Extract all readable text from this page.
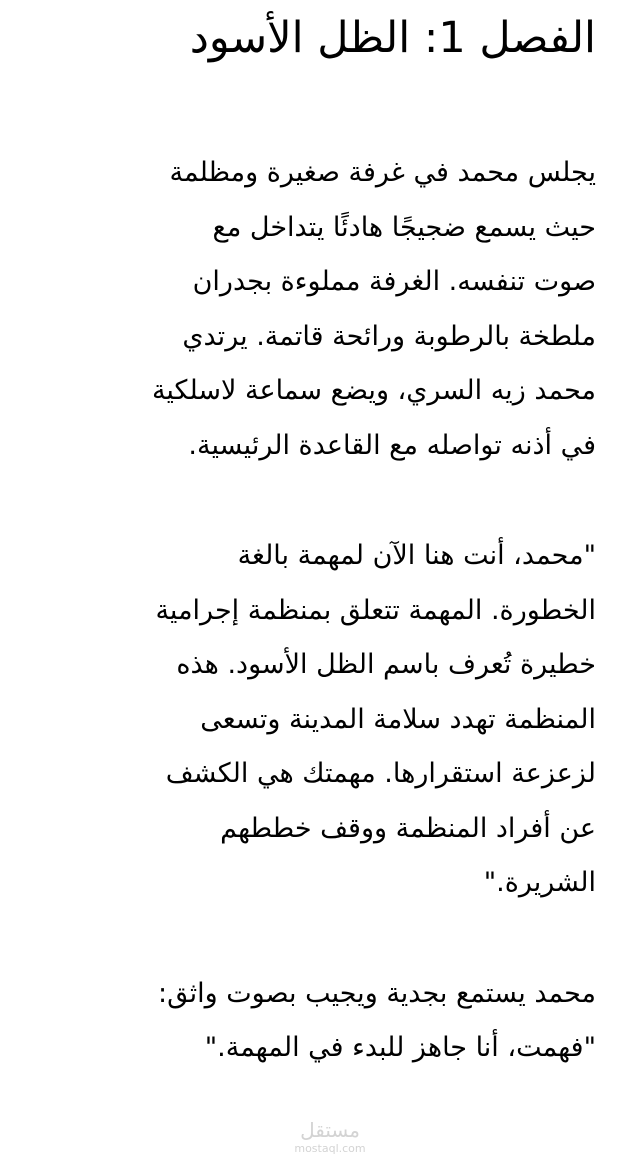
الفصل 1: الظل الأسود

يجلس محمد في غرفة صغيرة ومظلمة
حيث يسمع ضجيجًا هادئًا يتداخل مع
صوت تنفسه. الغرفة مملوءة بجدران
ملطخة بالرطوبة ورائحة قاتمة. يرتدي
محمد زيه السري، ويضع سماعة لاسلكية
في أذنه تواصله مع القاعدة الرئيسية.

"محمد، أنت هنا الآن لمهمة بالغة
الخطورة. المهمة تتعلق بمنظمة إجرامية
خطيرة تُعرف باسم الظل الأسود. هذه
المنظمة تهدد سلامة المدينة وتسعى
لزعزعة استقرارها. مهمتك هي الكشف
عن أفراد المنظمة ووقف خططهم
الشريرة."

محمد يستمع بجدية ويجيب بصوت واثق:
"فهمت، أنا جاهز للبدء في المهمة."

مستقل
mostaql.com
